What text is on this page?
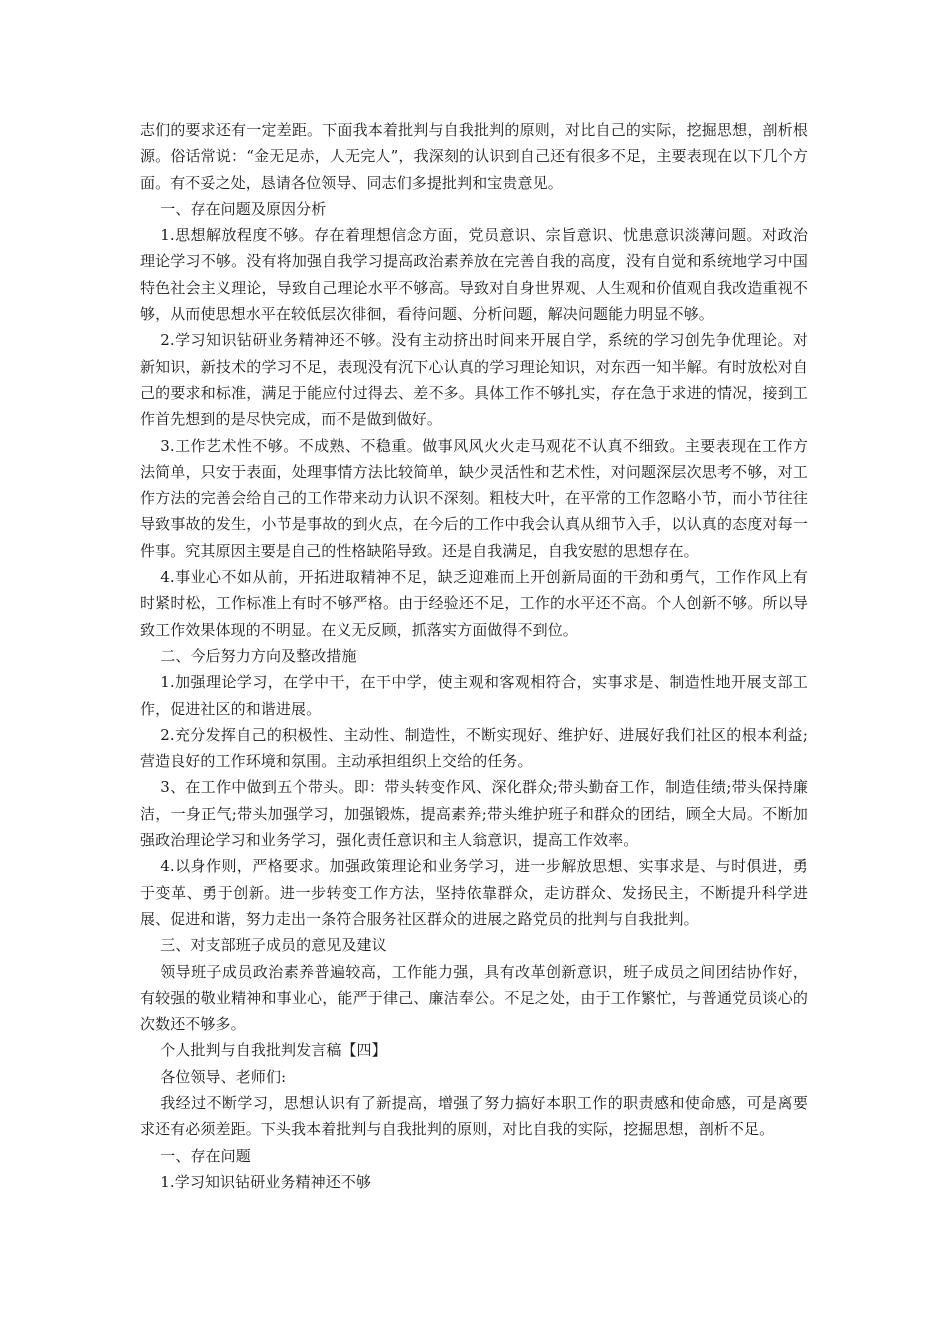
志们的要求还有一定差距。下面我本着批判与自我批判的原则，对比自己的实际，挖掘思想，剖析根源。俗话常说：“金无足赤，人无完人”，我深刻的认识到自己还有很多不足，主要表现在以下几个方面。有不妥之处，恳请各位领导、同志们多提批判和宝贵意见。

一、存在问题及原因分析

1.思想解放程度不够。存在着理想信念方面，党员意识、宗旨意识、忧患意识淡薄问题。对政治理论学习不够。没有将加强自我学习提高政治素养放在完善自我的高度，没有自觉和系统地学习中国特色社会主义理论，导致自己理论水平不够高。导致对自身世界观、人生观和价值观自我改造重视不够，从而使思想水平在较低层次徘徊，看待问题、分析问题，解决问题能力明显不够。

2.学习知识钻研业务精神还不够。没有主动挤出时间来开展自学，系统的学习创先争优理论。对新知识，新技术的学习不足，表现没有沉下心认真的学习理论知识，对东西一知半解。有时放松对自己的要求和标准，满足于能应付过得去、差不多。具体工作不够扎实，存在急于求进的情况，接到工作首先想到的是尽快完成，而不是做到做好。

3.工作艺术性不够。不成熟、不稳重。做事风风火火走马观花不认真不细致。主要表现在工作方法简单，只安于表面，处理事情方法比较简单，缺少灵活性和艺术性，对问题深层次思考不够，对工作方法的完善会给自己的工作带来动力认识不深刻。粗枝大叶，在平常的工作忽略小节，而小节往往导致事故的发生，小节是事故的到火点，在今后的工作中我会认真从细节入手，以认真的态度对每一件事。究其原因主要是自己的性格缺陷导致。还是自我满足，自我安慰的思想存在。

4.事业心不如从前，开拓进取精神不足，缺乏迎难而上开创新局面的干劲和勇气，工作作风上有时紧时松，工作标准上有时不够严格。由于经验还不足，工作的水平还不高。个人创新不够。所以导致工作效果体现的不明显。在义无反顾，抓落实方面做得不到位。

二、今后努力方向及整改措施

1.加强理论学习，在学中干，在干中学，使主观和客观相符合，实事求是、制造性地开展支部工作，促进社区的和谐进展。

2.充分发挥自己的积极性、主动性、制造性，不断实现好、维护好、进展好我们社区的根本利益;营造良好的工作环境和氛围。主动承担组织上交给的任务。

3、在工作中做到五个带头。即：带头转变作风、深化群众;带头勤奋工作，制造佳绩;带头保持廉洁，一身正气;带头加强学习，加强锻炼，提高素养;带头维护班子和群众的团结，顾全大局。不断加强政治理论学习和业务学习，强化责任意识和主人翁意识，提高工作效率。

4.以身作则，严格要求。加强政策理论和业务学习，进一步解放思想、实事求是、与时俱进，勇于变革、勇于创新。进一步转变工作方法，坚持依靠群众，走访群众、发扬民主，不断提升科学进展、促进和谐，努力走出一条符合服务社区群众的进展之路党员的批判与自我批判。

三、对支部班子成员的意见及建议

领导班子成员政治素养普遍较高，工作能力强，具有改革创新意识，班子成员之间团结协作好，有较强的敬业精神和事业心，能严于律己、廉洁奉公。不足之处，由于工作繁忙，与普通党员谈心的次数还不够多。

个人批判与自我批判发言稿【四】

各位领导、老师们:

我经过不断学习，思想认识有了新提高，增强了努力搞好本职工作的职责感和使命感，可是离要求还有必须差距。下头我本着批判与自我批判的原则，对比自我的实际，挖掘思想，剖析不足。

一、存在问题

1.学习知识钻研业务精神还不够
